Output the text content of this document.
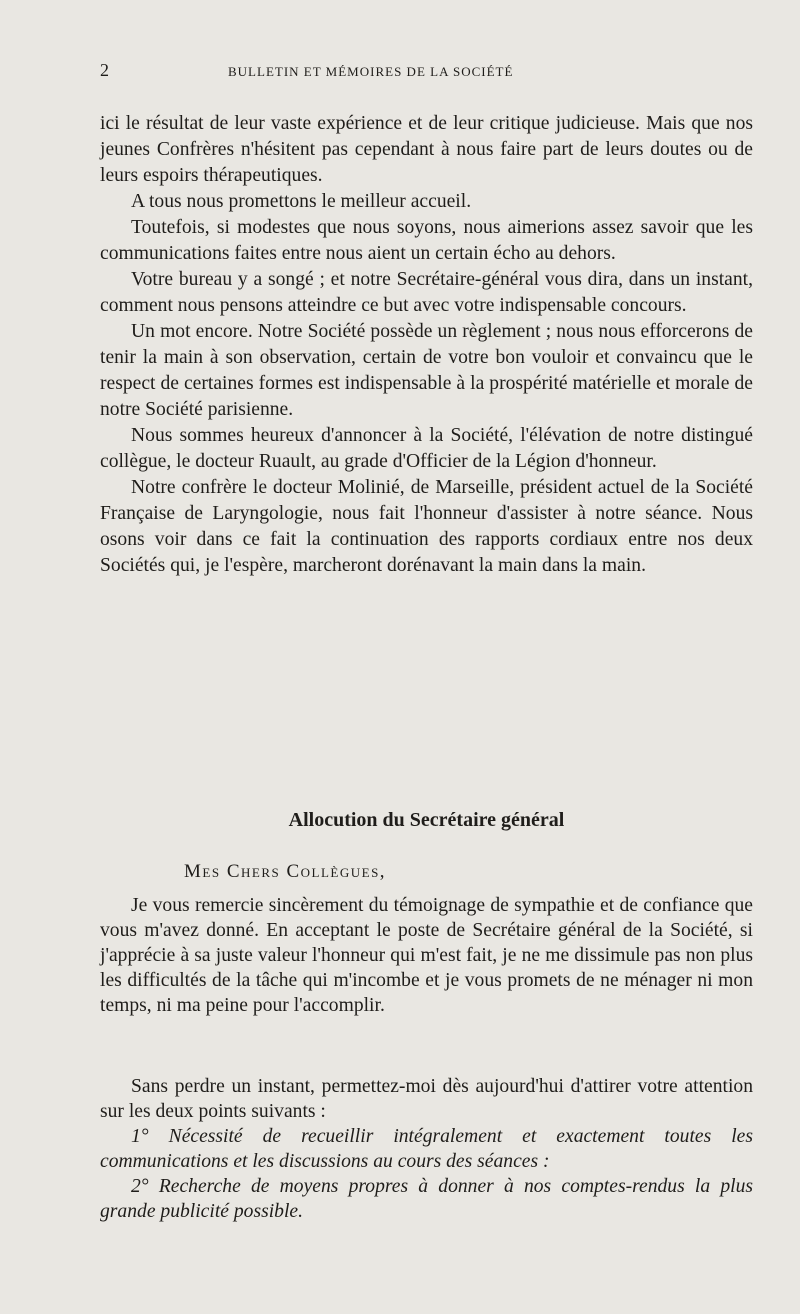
2	BULLETIN ET MÉMOIRES DE LA SOCIÉTÉ

ici le résultat de leur vaste expérience et de leur critique judicieuse. Mais que nos jeunes Confrères n'hésitent pas cependant à nous faire part de leurs doutes ou de leurs espoirs thérapeutiques.

A tous nous promettons le meilleur accueil.

Toutefois, si modestes que nous soyons, nous aimerions assez savoir que les communications faites entre nous aient un certain écho au dehors.

Votre bureau y a songé ; et notre Secrétaire-général vous dira, dans un instant, comment nous pensons atteindre ce but avec votre indispensable concours.

Un mot encore. Notre Société possède un règlement ; nous nous efforcerons de tenir la main à son observation, certain de votre bon vouloir et convaincu que le respect de certaines formes est indispensable à la prospérité matérielle et morale de notre Société parisienne.

Nous sommes heureux d'annoncer à la Société, l'élévation de notre distingué collègue, le docteur Ruault, au grade d'Officier de la Légion d'honneur.

Notre confrère le docteur Molinié, de Marseille, président actuel de la Société Française de Laryngologie, nous fait l'honneur d'assister à notre séance. Nous osons voir dans ce fait la continuation des rapports cordiaux entre nos deux Sociétés qui, je l'espère, marcheront dorénavant la main dans la main.

Allocution du Secrétaire général
Mes Chers Collègues,

Je vous remercie sincèrement du témoignage de sympathie et de confiance que vous m'avez donné. En acceptant le poste de Secrétaire général de la Société, si j'apprécie à sa juste valeur l'honneur qui m'est fait, je ne me dissimule pas non plus les difficultés de la tâche qui m'incombe et je vous promets de ne ménager ni mon temps, ni ma peine pour l'accomplir.

Sans perdre un instant, permettez-moi dès aujourd'hui d'attirer votre attention sur les deux points suivants :

1° Nécessité de recueillir intégralement et exactement toutes les communications et les discussions au cours des séances :

2° Recherche de moyens propres à donner à nos comptes-rendus la plus grande publicité possible.
